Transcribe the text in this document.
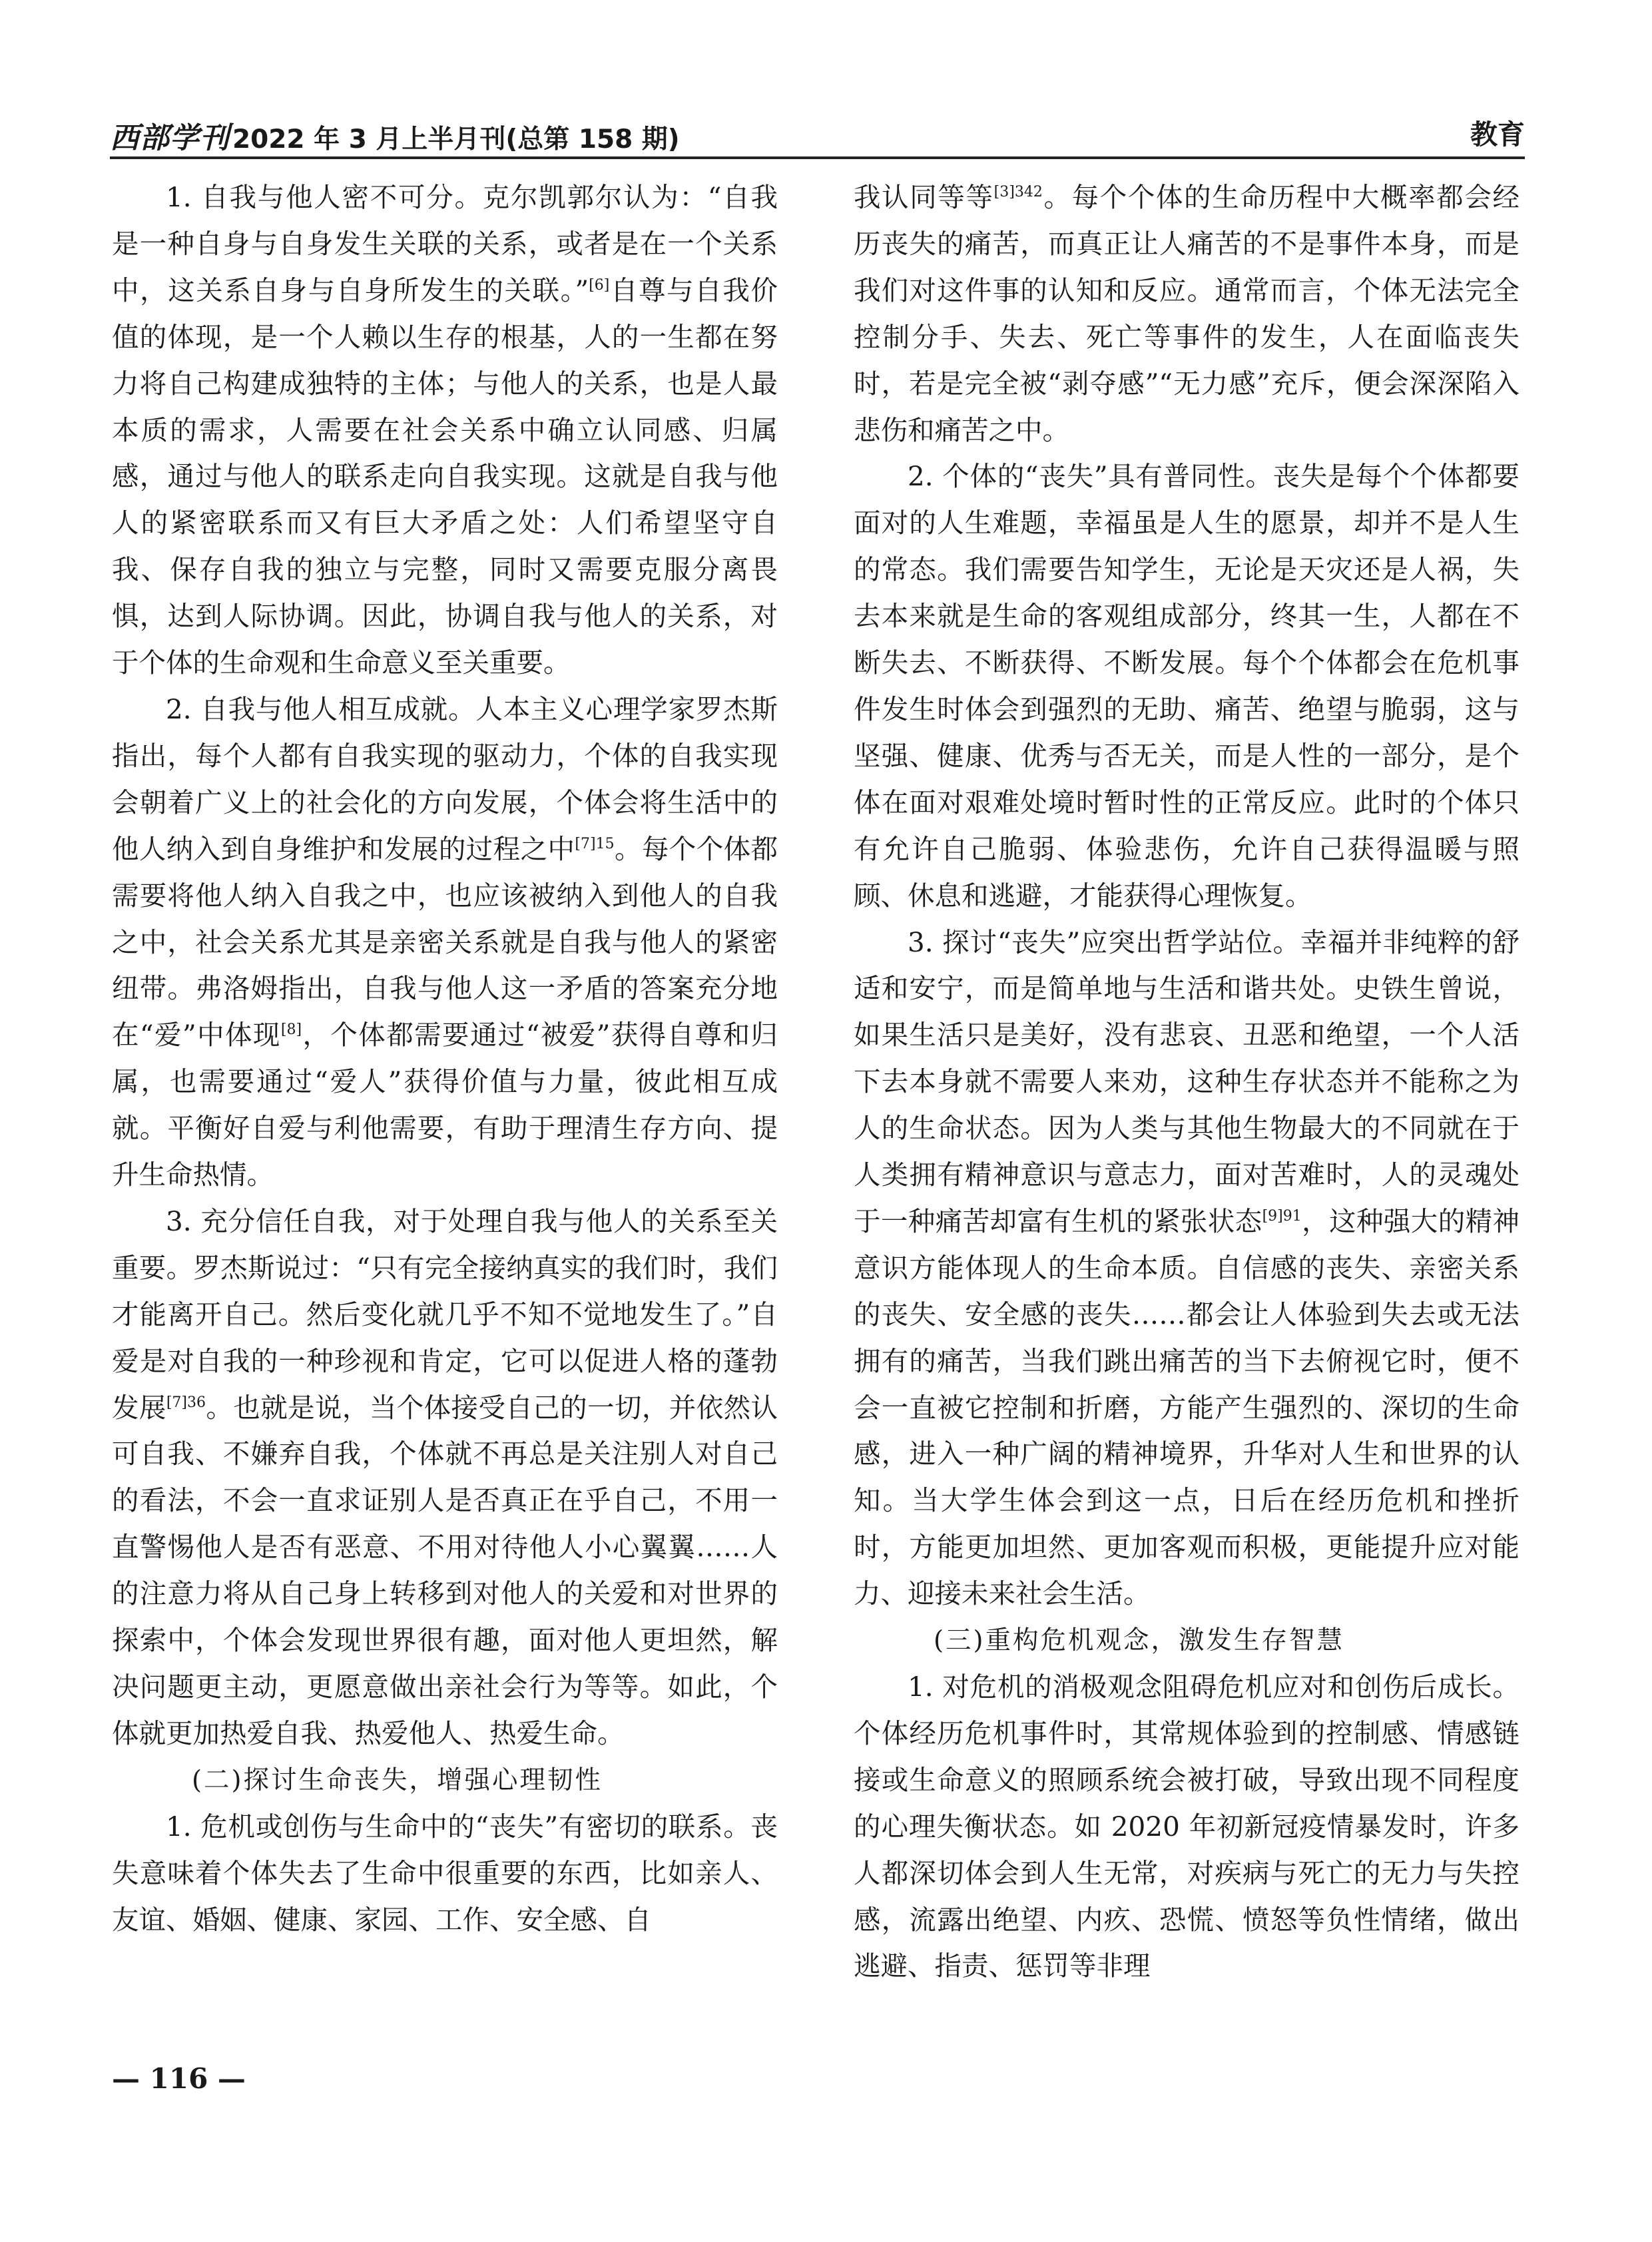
西部学刊 2022 年 3 月上半月刊(总第 158 期)	教育

1. 自我与他人密不可分。克尔凯郭尔认为：“自我是一种自身与自身发生关联的关系，或者是在一个关系中，这关系自身与自身所发生的关联。”[6]自尊与自我价值的体现，是一个人赖以生存的根基，人的一生都在努力将自己构建成独特的主体；与他人的关系，也是人最本质的需求，人需要在社会关系中确立认同感、归属感，通过与他人的联系走向自我实现。这就是自我与他人的紧密联系而又有巨大矛盾之处：人们希望坚守自我、保存自我的独立与完整，同时又需要克服分离畏惧，达到人际协调。因此，协调自我与他人的关系，对于个体的生命观和生命意义至关重要。

2. 自我与他人相互成就。人本主义心理学家罗杰斯指出，每个人都有自我实现的驱动力，个体的自我实现会朝着广义上的社会化的方向发展，个体会将生活中的他人纳入到自身维护和发展的过程之中$^{[7]15}$。每个个体都需要将他人纳入自我之中，也应该被纳入到他人的自我之中，社会关系尤其是亲密关系就是自我与他人的紧密纽带。弗洛姆指出，自我与他人这一矛盾的答案充分地在“爱”中体现[8]，个体都需要通过“被爱”获得自尊和归属，也需要通过“爱人”获得价值与力量，彼此相互成就。平衡好自爱与利他需要，有助于理清生存方向、提升生命热情。

3. 充分信任自我，对于处理自我与他人的关系至关重要。罗杰斯说过：“只有完全接纳真实的我们时，我们才能离开自己。然后变化就几乎不知不觉地发生了。”自爱是对自我的一种珍视和肯定，它可以促进人格的蓬勃发展$^{[7]36}$。也就是说，当个体接受自己的一切，并依然认可自我、不嫌弃自我，个体就不再总是关注别人对自己的看法，不会一直求证别人是否真正在乎自己，不用一直警惕他人是否有恶意、不用对待他人小心翼翼……人的注意力将从自己身上转移到对他人的关爱和对世界的探索中，个体会发现世界很有趣，面对他人更坦然，解决问题更主动，更愿意做出亲社会行为等等。如此，个体就更加热爱自我、热爱他人、热爱生命。

(二)探讨生命丧失，增强心理韧性

1. 危机或创伤与生命中的“丧失”有密切的联系。丧失意味着个体失去了生命中很重要的东西，比如亲人、友谊、婚姻、健康、家园、工作、安全感、自

我认同等等$^{[3]342}$。每个个体的生命历程中大概率都会经历丧失的痛苦，而真正让人痛苦的不是事件本身，而是我们对这件事的认知和反应。通常而言，个体无法完全控制分手、失去、死亡等事件的发生，人在面临丧失时，若是完全被“剥夺感”“无力感”充斥，便会深深陷入悲伤和痛苦之中。

2. 个体的“丧失”具有普同性。丧失是每个个体都要面对的人生难题，幸福虽是人生的愿景，却并不是人生的常态。我们需要告知学生，无论是天灾还是人祸，失去本来就是生命的客观组成部分，终其一生，人都在不断失去、不断获得、不断发展。每个个体都会在危机事件发生时体会到强烈的无助、痛苦、绝望与脆弱，这与坚强、健康、优秀与否无关，而是人性的一部分，是个体在面对艰难处境时暂时性的正常反应。此时的个体只有允许自己脆弱、体验悲伤，允许自己获得温暖与照顾、休息和逃避，才能获得心理恢复。

3. 探讨“丧失”应突出哲学站位。幸福并非纯粹的舒适和安宁，而是简单地与生活和谐共处。史铁生曾说，如果生活只是美好，没有悲哀、丑恶和绝望，一个人活下去本身就不需要人来劝，这种生存状态并不能称之为人的生命状态。因为人类与其他生物最大的不同就在于人类拥有精神意识与意志力，面对苦难时，人的灵魂处于一种痛苦却富有生机的紧张状态$^{[9]91}$，这种强大的精神意识方能体现人的生命本质。自信感的丧失、亲密关系的丧失、安全感的丧失……都会让人体验到失去或无法拥有的痛苦，当我们跳出痛苦的当下去俯视它时，便不会一直被它控制和折磨，方能产生强烈的、深切的生命感，进入一种广阔的精神境界，升华对人生和世界的认知。当大学生体会到这一点，日后在经历危机和挫折时，方能更加坦然、更加客观而积极，更能提升应对能力、迎接未来社会生活。

(三)重构危机观念，激发生存智慧

1. 对危机的消极观念阻碍危机应对和创伤后成长。个体经历危机事件时，其常规体验到的控制感、情感链接或生命意义的照顾系统会被打破，导致出现不同程度的心理失衡状态。如 2020 年初新冠疫情暴发时，许多人都深切体会到人生无常，对疾病与死亡的无力与失控感，流露出绝望、内疚、恐慌、愤怒等负性情绪，做出逃避、指责、惩罚等非理

— 116 —
